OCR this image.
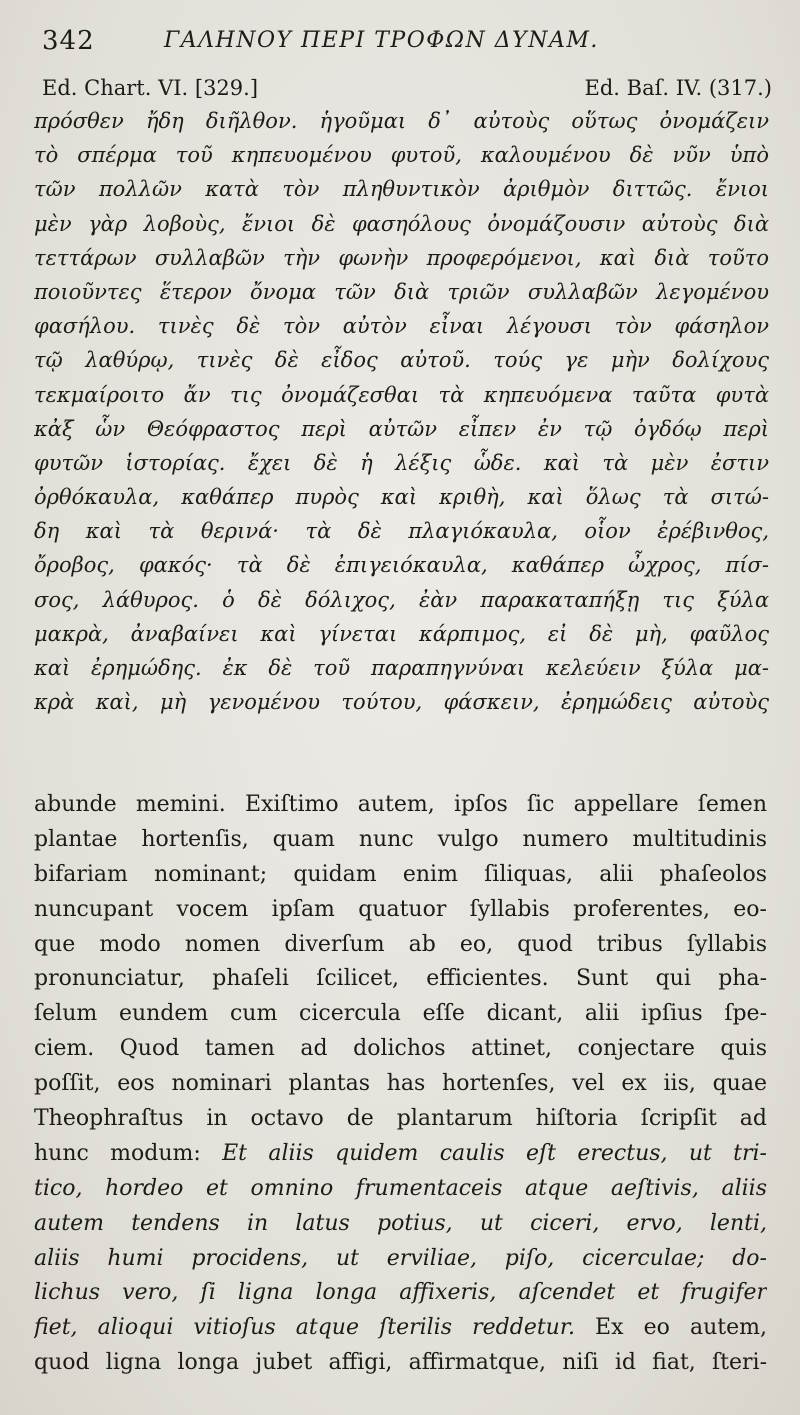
342	ΓΑΛΗΝΟΥ ΠΕΡΙ ΤΡΟΦΩΝ ΔΥΝΑΜ.
Ed. Chart. VI. [329.]	Ed. Baſ. IV. (317.)
πρόσθεν ἤδη διῆλθον. ἡγοῦμαι δ᾽ αὐτοὺς οὕτως ὀνομάζειν
τὸ σπέρμα τοῦ κηπευομένου φυτοῦ, καλουμένου δὲ νῦν ὑπὸ
τῶν πολλῶν κατὰ τὸν πληθυντικὸν ἀριθμὸν διττῶς. ἔνιοι
μὲν γὰρ λοβοὺς, ἔνιοι δὲ φασηόλους ὀνομάζουσιν αὐτοὺς διὰ
τεττάρων συλλαβῶν τὴν φωνὴν προφερόμενοι, καὶ διὰ τοῦτο
ποιοῦντες ἕτερον ὄνομα τῶν διὰ τριῶν συλλαβῶν λεγομένου
φασήλου. τινὲς δὲ τὸν αὐτὸν εἶναι λέγουσι τὸν φάσηλον
τῷ λαθύρῳ, τινὲς δὲ εἶδος αὐτοῦ. τούς γε μὴν δολίχους
τεκμαίροιτο ἄν τις ὀνομάζεσθαι τὰ κηπευόμενα ταῦτα φυτὰ
κἀξ ὧν Θεόφραστος περὶ αὐτῶν εἶπεν ἐν τῷ ὀγδόῳ περὶ
φυτῶν ἱστορίας. ἔχει δὲ ἡ λέξις ὧδε. καὶ τὰ μὲν ἐστιν
ὀρθόκαυλα, καθάπερ πυρὸς καὶ κριθὴ, καὶ ὅλως τὰ σιτώ-
δη καὶ τὰ θερινά· τὰ δὲ πλαγιόκαυλα, οἷον ἐρέβινθος,
ὄροβος, φακός· τὰ δὲ ἐπιγειόκαυλα, καθάπερ ὦχρος, πίσ-
σος, λάθυρος. ὁ δὲ δόλιχος, ἐὰν παρακαταπήξῃ τις ξύλα
μακρὰ, ἀναβαίνει καὶ γίνεται κάρπιμος, εἰ δὲ μὴ, φαῦλος
καὶ ἐρημώδης. ἐκ δὲ τοῦ παραπηγνύναι κελεύειν ξύλα μα-
κρὰ καὶ, μὴ γενομένου τούτου, φάσκειν, ἐρημώδεις αὐτοὺς
abunde memini. Exiſtimo autem, ipſos ſic appellare ſemen
plantae hortenſis, quam nunc vulgo numero multitudinis
bifariam nominant; quidam enim ſiliquas, alii phaſeolos
nuncupant vocem ipſam quatuor ſyllabis proferentes, eo-
que modo nomen diverſum ab eo, quod tribus ſyllabis
pronunciatur, phaſeli ſcilicet, efficientes. Sunt qui pha-
ſelum eundem cum cicercula eſſe dicant, alii ipſius ſpe-
ciem. Quod tamen ad dolichos attinet, conjectare quis
poſſit, eos nominari plantas has hortenſes, vel ex iis, quae
Theophraſtus in octavo de plantarum hiſtoria ſcripſit ad
hunc modum: Et aliis quidem caulis eſt erectus, ut tri-
tico, hordeo et omnino frumentaceis atque aeſtivis, aliis
autem tendens in latus potius, ut ciceri, ervo, lenti,
aliis humi procidens, ut erviliae, piſo, cicerculae; do-
lichus vero, ſi ligna longa affixeris, aſcendet et frugifer
fiet, alioqui vitioſus atque ſterilis reddetur. Ex eo autem,
quod ligna longa jubet affigi, affirmatque, niſi id fiat, ſteri-
